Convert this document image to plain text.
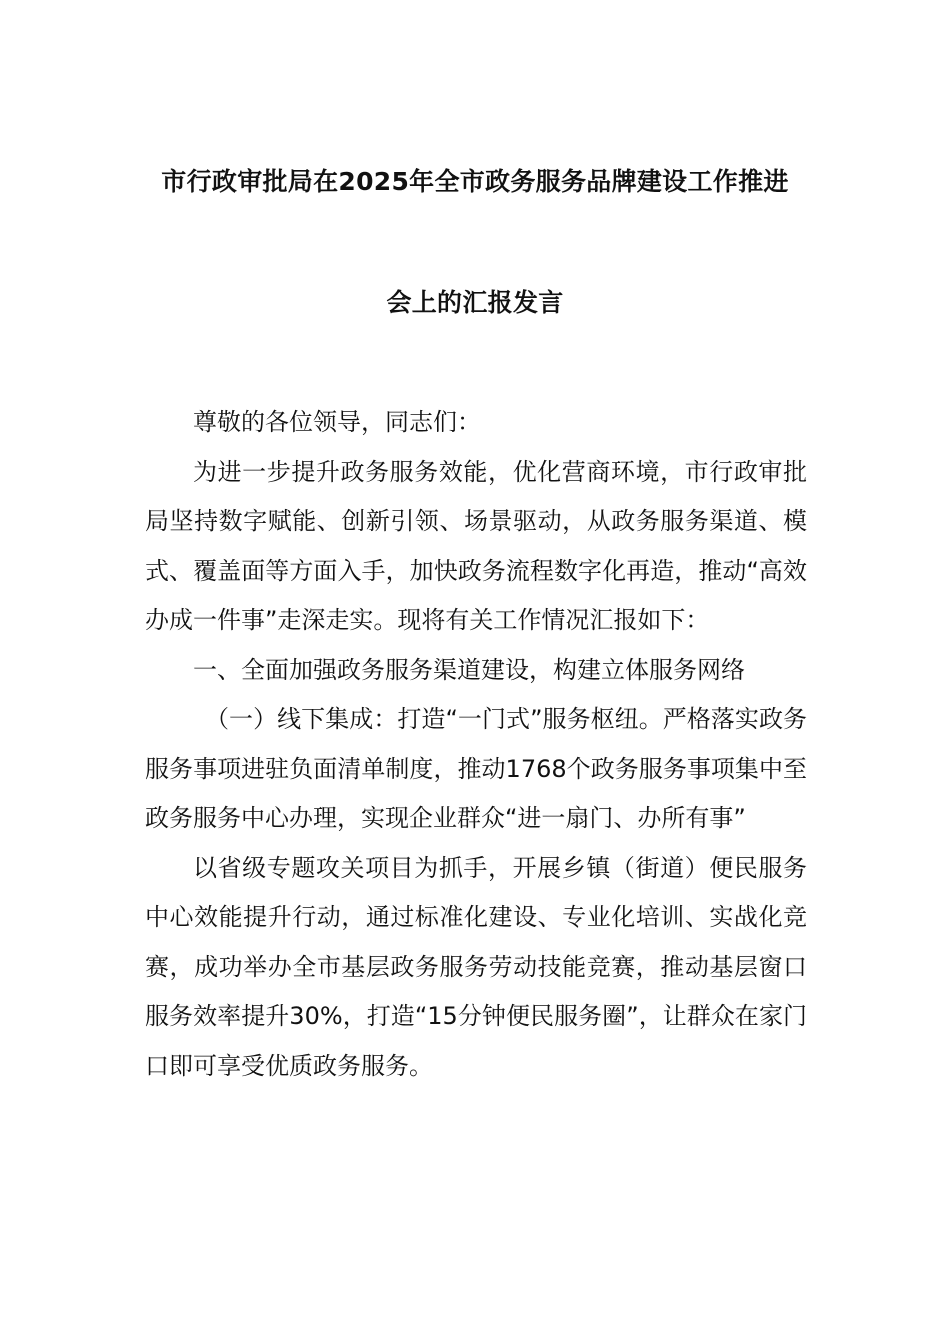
市行政审批局在2025年全市政务服务品牌建设工作推进
会上的汇报发言

尊敬的各位领导，同志们：

为进一步提升政务服务效能，优化营商环境，市行政审批局坚持数字赋能、创新引领、场景驱动，从政务服务渠道、模式、覆盖面等方面入手，加快政务流程数字化再造，推动“高效办成一件事”走深走实。现将有关工作情况汇报如下：

一、全面加强政务服务渠道建设，构建立体服务网络

（一）线下集成：打造“一门式”服务枢纽。严格落实政务服务事项进驻负面清单制度，推动1768个政务服务事项集中至政务服务中心办理，实现企业群众“进一扇门、办所有事”

以省级专题攻关项目为抓手，开展乡镇（街道）便民服务中心效能提升行动，通过标准化建设、专业化培训、实战化竞赛，成功举办全市基层政务服务劳动技能竞赛，推动基层窗口服务效率提升30%，打造“15分钟便民服务圈”，让群众在家门口即可享受优质政务服务。
